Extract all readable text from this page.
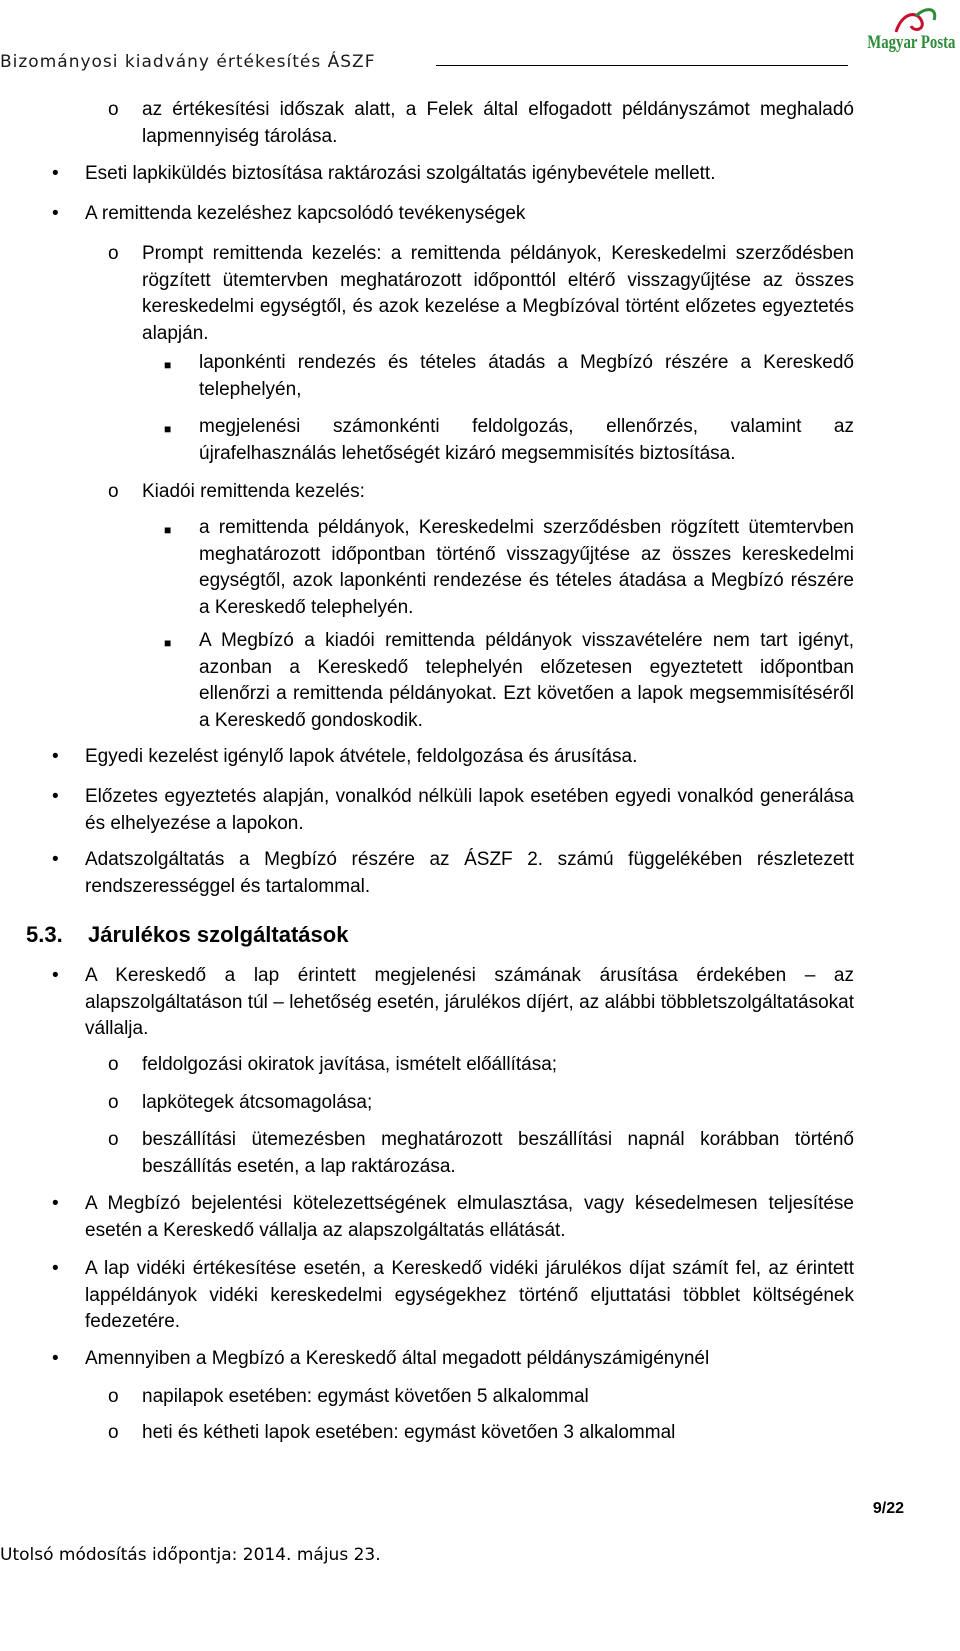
Bizományosi kiadvány értékesítés ÁSZF
Magyar Posta
o	az értékesítési időszak alatt, a Felek által elfogadott példányszámot meghaladó lapmennyiség tárolása.
•	Eseti lapkiküldés biztosítása raktározási szolgáltatás igénybevétele mellett.
•	A remittenda kezeléshez kapcsolódó tevékenységek
o	Prompt remittenda kezelés: a remittenda példányok, Kereskedelmi szerződésben rögzített ütemtervben meghatározott időponttól eltérő visszagyűjtése az összes kereskedelmi egységtől, és azok kezelése a Megbízóval történt előzetes egyeztetés alapján.
■ laponkénti rendezés és tételes átadás a Megbízó részére a Kereskedő telephelyén,
■ megjelenési számonkénti feldolgozás, ellenőrzés, valamint az újrafelhasználás lehetőségét kizáró megsemmisítés biztosítása.
o	Kiadói remittenda kezelés:
■ a remittenda példányok, Kereskedelmi szerződésben rögzített ütemtervben meghatározott időpontban történő visszagyűjtése az összes kereskedelmi egységtől, azok laponkénti rendezése és tételes átadása a Megbízó részére a Kereskedő telephelyén.
■ A Megbízó a kiadói remittenda példányok visszavételére nem tart igényt, azonban a Kereskedő telephelyén előzetesen egyeztetett időpontban ellenőrzi a remittenda példányokat. Ezt követően a lapok megsemmisítéséről a Kereskedő gondoskodik.
•	Egyedi kezelést igénylő lapok átvétele, feldolgozása és árusítása.
•	Előzetes egyeztetés alapján, vonalkód nélküli lapok esetében egyedi vonalkód generálása és elhelyezése a lapokon.
•	Adatszolgáltatás a Megbízó részére az ÁSZF 2. számú függelékében részletezett rendszerességgel és tartalommal.
5.3. Járulékos szolgáltatások
•	A Kereskedő a lap érintett megjelenési számának árusítása érdekében – az alapszolgáltatáson túl – lehetőség esetén, járulékos díjért, az alábbi többletszolgáltatásokat vállalja.
o	feldolgozási okiratok javítása, ismételt előállítása;
o	lapkötegek átcsomagolása;
o	beszállítási ütemezésben meghatározott beszállítási napnál korábban történő beszállítás esetén, a lap raktározása.
•	A Megbízó bejelentési kötelezettségének elmulasztása, vagy késedelmesen teljesítése esetén a Kereskedő vállalja az alapszolgáltatás ellátását.
•	A lap vidéki értékesítése esetén, a Kereskedő vidéki járulékos díjat számít fel, az érintett lappéldányok vidéki kereskedelmi egységekhez történő eljuttatási többlet költségének fedezetére.
•	Amennyiben a Megbízó a Kereskedő által megadott példányszámigénynél
o	napilapok esetében: egymást követően 5 alkalommal
o	heti és kétheti lapok esetében: egymást követően 3 alkalommal
9/22
Utolsó módosítás időpontja: 2014. május 23.
